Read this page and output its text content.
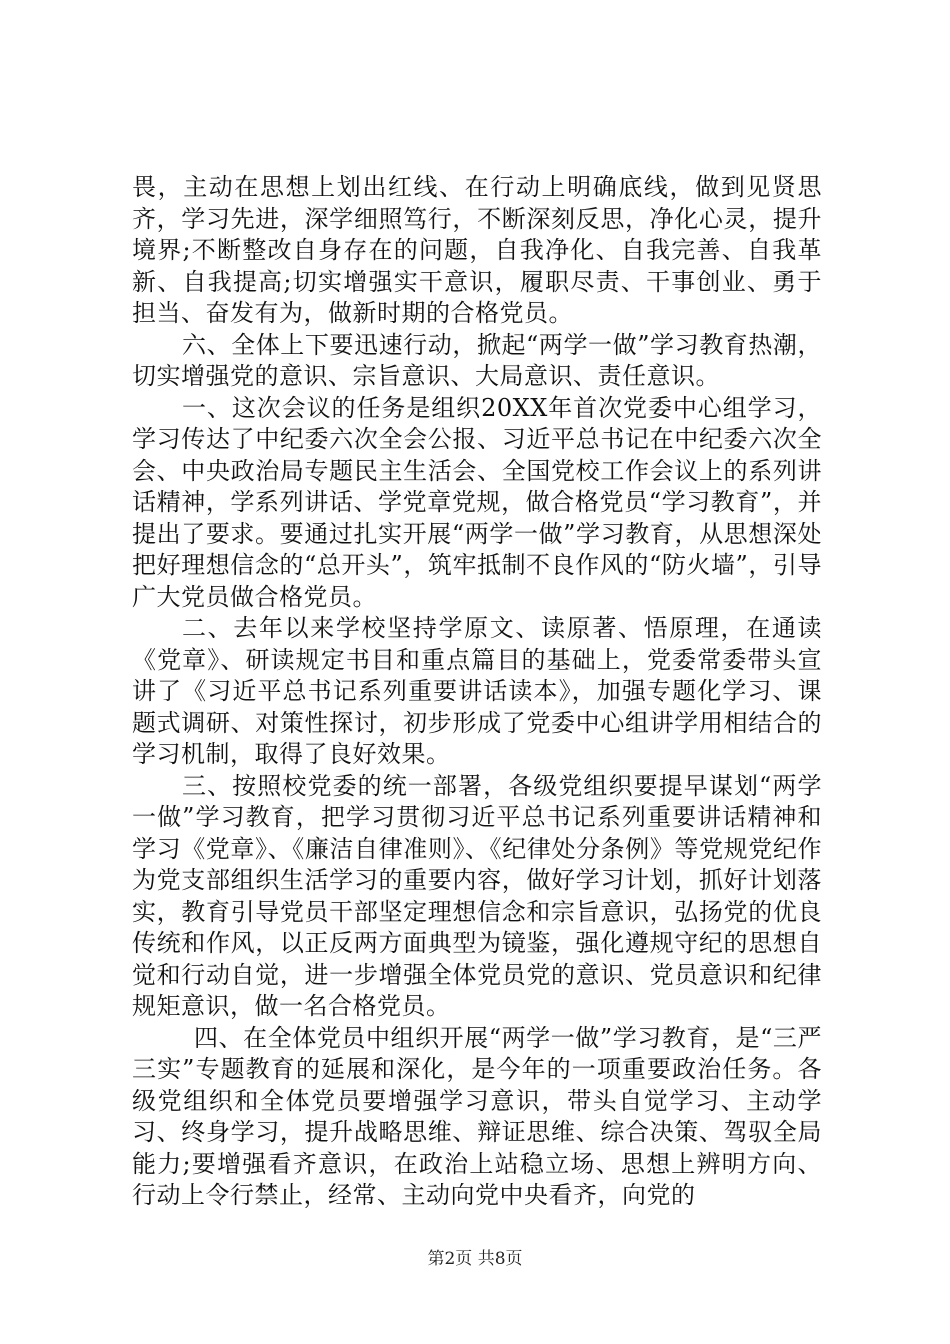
畏，主动在思想上划出红线、在行动上明确底线，做到见贤思齐，学习先进，深学细照笃行，不断深刻反思，净化心灵，提升境界;不断整改自身存在的问题，自我净化、自我完善、自我革新、自我提高;切实增强实干意识，履职尽责、干事创业、勇于担当、奋发有为，做新时期的合格党员。

六、全体上下要迅速行动，掀起“两学一做”学习教育热潮，切实增强党的意识、宗旨意识、大局意识、责任意识。

一、这次会议的任务是组织20XX年首次党委中心组学习，学习传达了中纪委六次全会公报、习近平总书记在中纪委六次全会、中央政治局专题民主生活会、全国党校工作会议上的系列讲话精神，学系列讲话、学党章党规，做合格党员“学习教育”，并提出了要求。要通过扎实开展“两学一做”学习教育，从思想深处把好理想信念的“总开头”，筑牢抵制不良作风的“防火墙”，引导广大党员做合格党员。

二、去年以来学校坚持学原文、读原著、悟原理，在通读《党章》、研读规定书目和重点篇目的基础上，党委常委带头宣讲了《习近平总书记系列重要讲话读本》，加强专题化学习、课题式调研、对策性探讨，初步形成了党委中心组讲学用相结合的学习机制，取得了良好效果。

三、按照校党委的统一部署，各级党组织要提早谋划“两学一做”学习教育，把学习贯彻习近平总书记系列重要讲话精神和学习《党章》、《廉洁自律准则》、《纪律处分条例》等党规党纪作为党支部组织生活学习的重要内容，做好学习计划，抓好计划落实，教育引导党员干部坚定理想信念和宗旨意识，弘扬党的优良传统和作风，以正反两方面典型为镜鉴，强化遵规守纪的思想自觉和行动自觉，进一步增强全体党员党的意识、党员意识和纪律规矩意识，做一名合格党员。

四、在全体党员中组织开展“两学一做”学习教育，是“三严三实”专题教育的延展和深化，是今年的一项重要政治任务。各级党组织和全体党员要增强学习意识，带头自觉学习、主动学习、终身学习，提升战略思维、辩证思维、综合决策、驾驭全局能力;要增强看齐意识，在政治上站稳立场、思想上辨明方向、行动上令行禁止，经常、主动向党中央看齐，向党的

第2页 共8页
